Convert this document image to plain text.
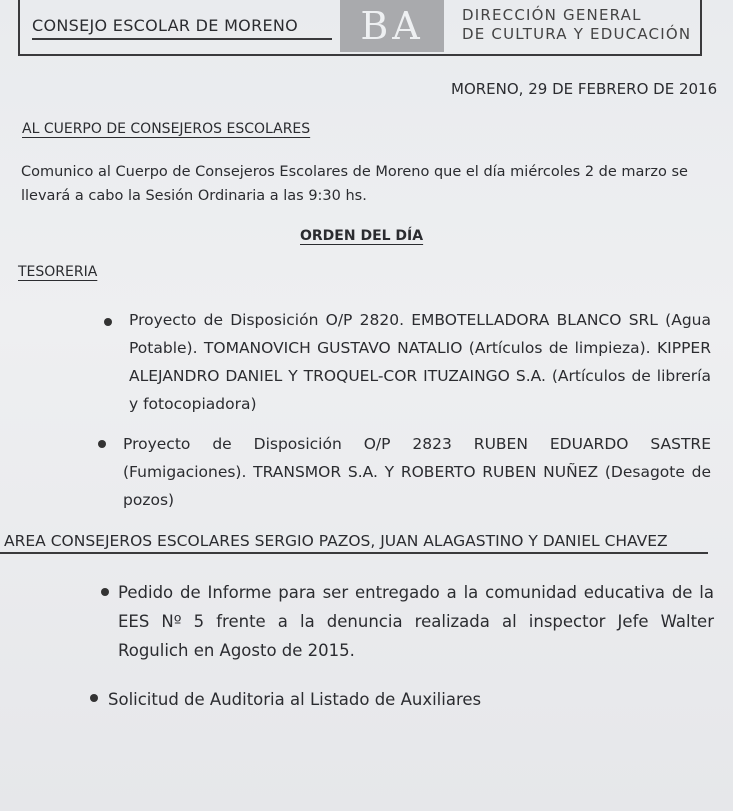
CONSEJO ESCOLAR DE MORENO	BA	DIRECCIÓN GENERAL
DE CULTURA Y EDUCACIÓN
MORENO, 29 DE FEBRERO DE 2016
AL CUERPO DE CONSEJEROS ESCOLARES
Comunico al Cuerpo de Consejeros Escolares de Moreno que el día miércoles 2 de marzo se llevará a cabo la Sesión Ordinaria a las 9:30 hs.
ORDEN DEL DÍA
TESORERIA
Proyecto de Disposición O/P 2820. EMBOTELLADORA BLANCO SRL (Agua Potable). TOMANOVICH GUSTAVO NATALIO (Artículos de limpieza). KIPPER ALEJANDRO DANIEL Y TROQUEL-COR ITUZAINGO S.A. (Artículos de librería y fotocopiadora)
Proyecto de Disposición O/P 2823 RUBEN EDUARDO SASTRE (Fumigaciones). TRANSMOR S.A. Y ROBERTO RUBEN NUÑEZ (Desagote de pozos)
AREA CONSEJEROS ESCOLARES SERGIO PAZOS, JUAN ALAGASTINO Y DANIEL CHAVEZ
Pedido de Informe para ser entregado a la comunidad educativa de la EES Nº 5 frente a la denuncia realizada al inspector Jefe Walter Rogulich en Agosto de 2015.
Solicitud de Auditoria al Listado de Auxiliares
